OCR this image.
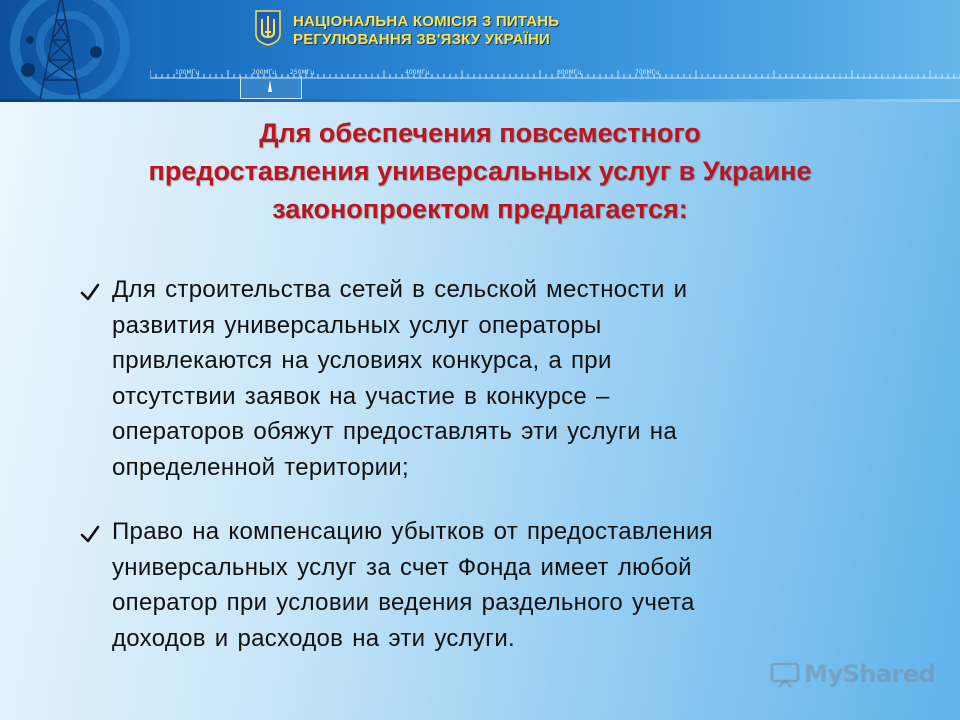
НАЦІОНАЛЬНА КОМІСІЯ З ПИТАНЬ
РЕГУЛЮВАННЯ ЗВ'ЯЗКУ УКРАЇНИ
100МГц	200МГц 250МГц	400МГц	600МГц	700МГц
Для обеспечения повсеместного
предоставления универсальных услуг в Украине
законопроектом предлагается:
Для строительства сетей в сельской местности и
развития универсальных услуг операторы
привлекаются на условиях конкурса, а при
отсутствии заявок на участие в конкурсе –
операторов обяжут предоставлять эти услуги на
определенной територии;
Право на компенсацию убытков от предоставления
универсальных услуг за счет Фонда имеет любой
оператор при условии ведения раздельного учета
доходов и расходов на эти услуги.
MyShared
